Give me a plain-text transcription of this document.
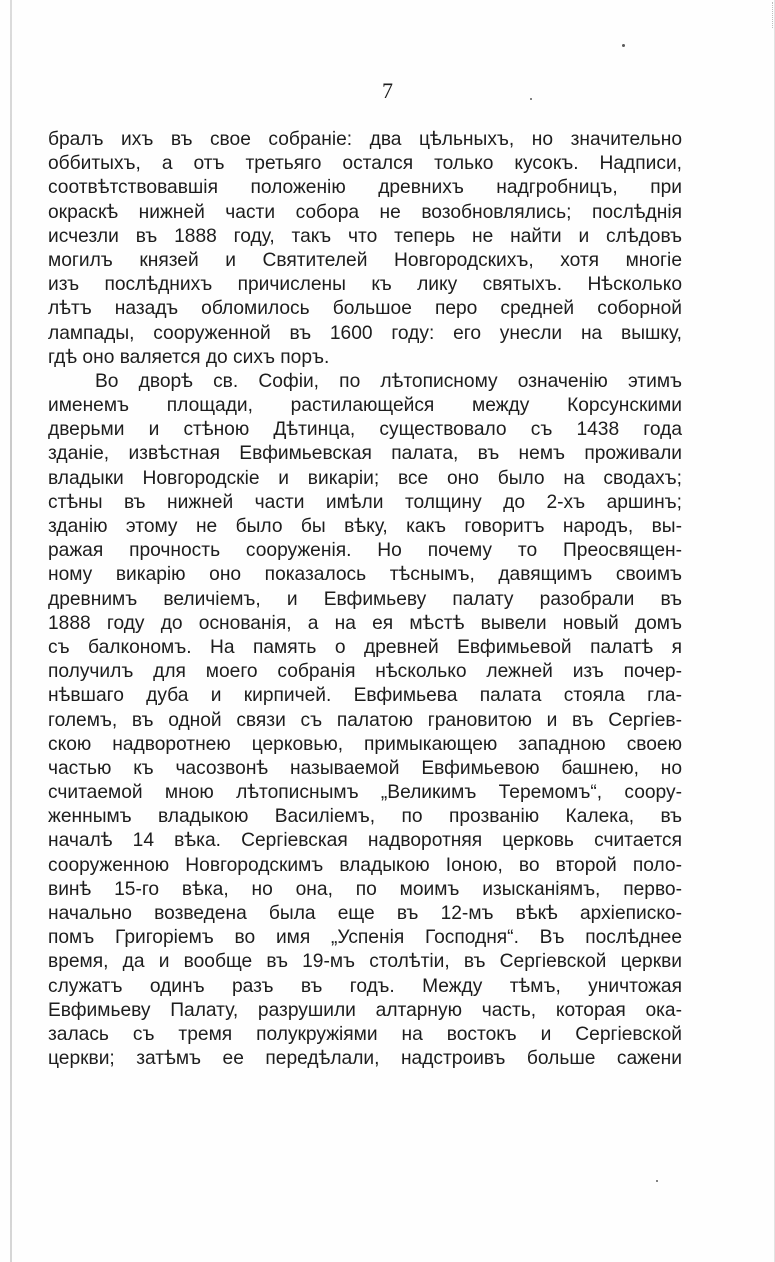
7
бралъ ихъ въ свое собраніе: два цѣльныхъ, но значительно
оббитыхъ, а отъ третьяго остался только кусокъ. Надписи,
соотвѣтствовавшія положенію древнихъ надгробницъ, при
окраскѣ нижней части собора не возобновлялись; послѣднія
исчезли въ 1888 году, такъ что теперь не найти и слѣдовъ
могилъ князей и Святителей Новгородскихъ, хотя многіе
изъ послѣднихъ причислены къ лику святыхъ. Нѣсколько
лѣтъ назадъ обломилось большое перо средней соборной
лампады, сооруженной въ 1600 году: его унесли на вышку,
гдѣ оно валяется до сихъ поръ.
Во дворѣ св. Софіи, по лѣтописному означенію этимъ
именемъ площади, растилающейся между Корсунскими
дверьми и стѣною Дѣтинца, существовало съ 1438 года
зданіе, извѣстная Евфимьевская палата, въ немъ проживали
владыки Новгородскіе и викаріи; все оно было на сводахъ;
стѣны въ нижней части имѣли толщину до 2-хъ аршинъ;
зданію этому не было бы вѣку, какъ говоритъ народъ, вы-
ражая прочность сооруженія. Но почему то Преосвящен-
ному викарію оно показалось тѣснымъ, давящимъ своимъ
древнимъ величіемъ, и Евфимьеву палату разобрали въ
1888 году до основанія, а на ея мѣстѣ вывели новый домъ
съ балкономъ. На память о древней Евфимьевой палатѣ я
получилъ для моего собранія нѣсколько лежней изъ почер-
нѣвшаго дуба и кирпичей. Евфимьева палата стояла гла-
големъ, въ одной связи съ палатою грановитою и въ Сергіев-
скою надворотнею церковью, примыкающею западною своею
частью къ часозвонѣ называемой Евфимьевою башнею, но
считаемой мною лѣтописнымъ „Великимъ Теремомъ“, соору-
женнымъ владыкою Василіемъ, по прозванію Калека, въ
началѣ 14 вѣка. Сергіевская надворотняя церковь считается
сооруженною Новгородскимъ владыкою Іоною, во второй поло-
винѣ 15-го вѣка, но она, по моимъ изысканіямъ, перво-
начально возведена была еще въ 12-мъ вѣкѣ архіеписко-
помъ Григоріемъ во имя „Успенія Господня“. Въ послѣднее
время, да и вообще въ 19-мъ столѣтіи, въ Сергіевской церкви
служатъ одинъ разъ въ годъ. Между тѣмъ, уничтожая
Евфимьеву Палату, разрушили алтарную часть, которая ока-
залась съ тремя полукружіями на востокъ и Сергіевской
церкви; затѣмъ ее передѣлали, надстроивъ больше сажени
